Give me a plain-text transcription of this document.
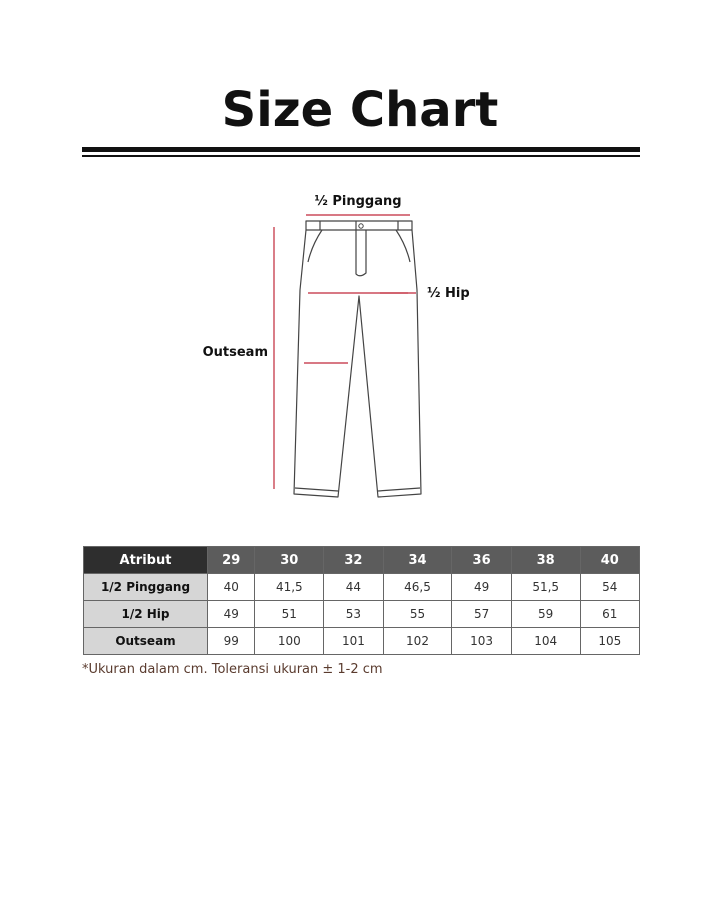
Size Chart
½ Pinggang
½ Hip
Outseam
Atribut	29	30	32	34	36	38	40
1/2 Pinggang	40	41,5	44	46,5	49	51,5	54
1/2 Hip	49	51	53	55	57	59	61
Outseam	99	100	101	102	103	104	105
*Ukuran dalam cm. Toleransi ukuran ± 1-2 cm
